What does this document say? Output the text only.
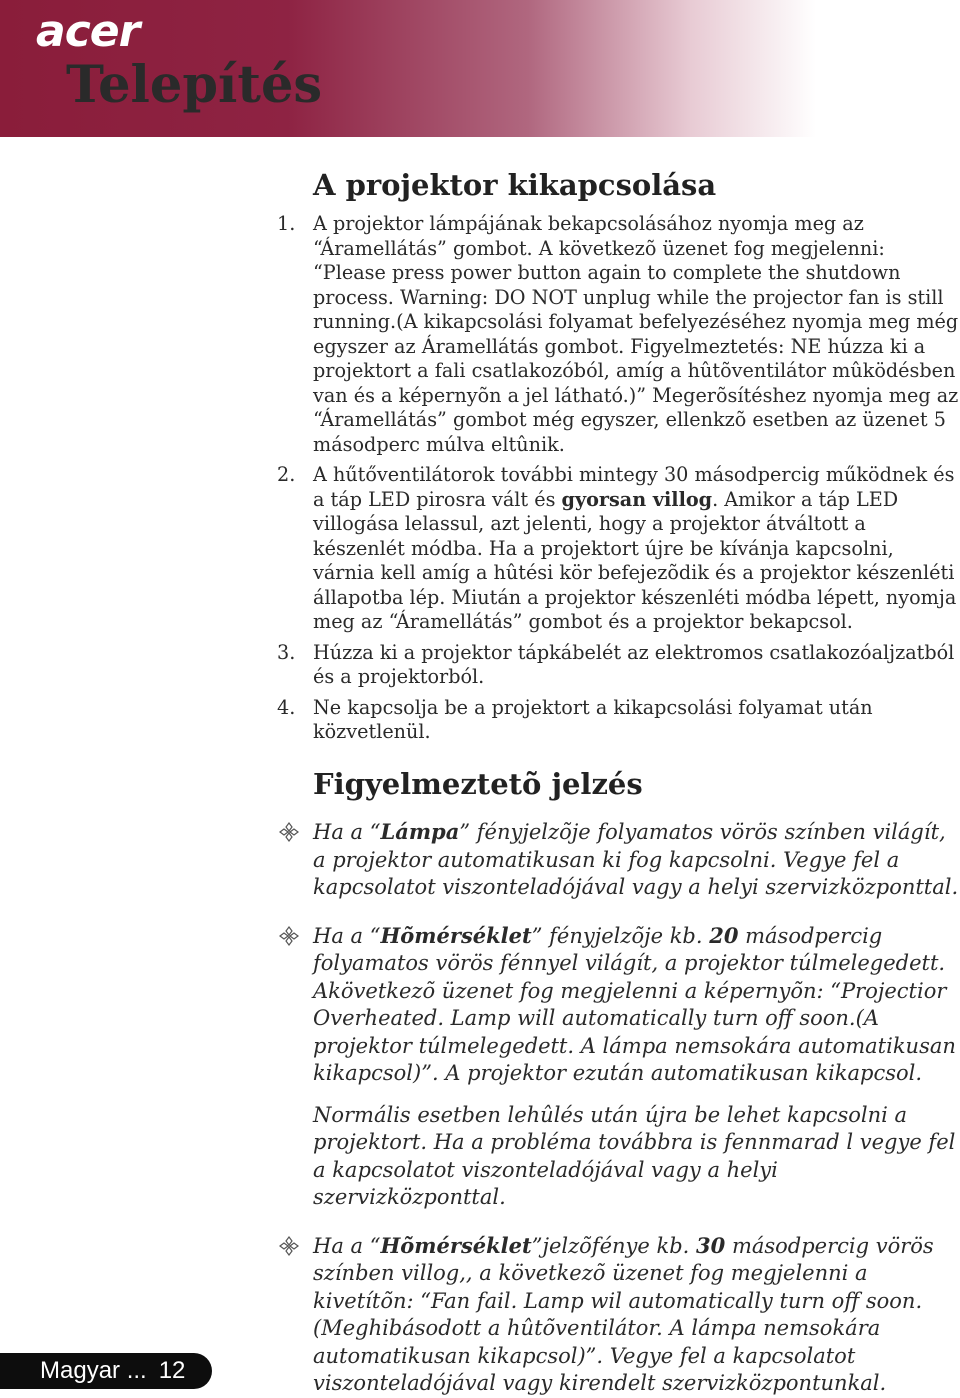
acer
Telepítés
A projektor kikapcsolása
1. A projektor lámpájának bekapcsolásához nyomja meg az “Áramellátás” gombot. A következõ üzenet fog megjelenni: “Please press power button again to complete the shutdown process. Warning: DO NOT unplug while the projector fan is still running.(A kikapcsolási folyamat befelyezéséhez nyomja meg még egyszer az Áramellátás gombot. Figyelmeztetés: NE húzza ki a projektort a fali csatlakozóból, amíg a hûtõventilátor mûködésben van és a képernyõn a jel látható.)” Megerõsítéshez nyomja meg az “Áramellátás” gombot még egyszer, ellenkzõ esetben az üzenet 5 másodperc múlva eltûnik.
2. A hűtőventilátorok további mintegy 30 másodpercig működnek és a táp LED pirosra vált és gyorsan villog. Amikor a táp LED villogása lelassul, azt jelenti, hogy a projektor átváltott a készenlét módba. Ha a projektort újre be kívánja kapcsolni, várnia kell amíg a hûtési kör befejezõdik és a projektor készenléti állapotba lép. Miután a projektor készenléti módba lépett, nyomja meg az “Áramellátás” gombot és a projektor bekapcsol.
3. Húzza ki a projektor tápkábelét az elektromos csatlakozóaljzatból és a projektorból.
4. Ne kapcsolja be a projektort a kikapcsolási folyamat után közvetlenül.
Figyelmeztetõ jelzés
Ha a “Lámpa” fényjelzõje folyamatos vörös színben világít, a projektor automatikusan ki fog kapcsolni. Vegye fel a kapcsolatot viszonteladójával vagy a helyi szervizközponttal.
Ha a “Hõmérséklet” fényjelzõje kb. 20 másodpercig folyamatos vörös fénnyel világít, a projektor túlmelegedett. Akövetkezõ üzenet fog megjelenni a képernyõn: “Projectior Overheated. Lamp will automatically turn off soon.(A projektor túlmelegedett. A lámpa nemsokára automatikusan kikapcsol)”. A projektor ezután automatikusan kikapcsol.
Normális esetben lehûlés után újra be lehet kapcsolni a projektort. Ha a probléma továbbra is fennmarad l vegye fel a kapcsolatot viszonteladójával vagy a helyi szervizközponttal.
Ha a “Hõmérséklet”jelzõfénye kb. 30 másodpercig vörös színben villog,, a következõ üzenet fog megjelenni a kivetítõn: “Fan fail. Lamp wil automatically turn off soon.(Meghibásodott a hûtõventilátor. A lámpa nemsokára automatikusan kikapcsol)”. Vegye fel a kapcsolatot viszonteladójával vagy kirendelt szervizközpontunkal.
Magyar ... 12
